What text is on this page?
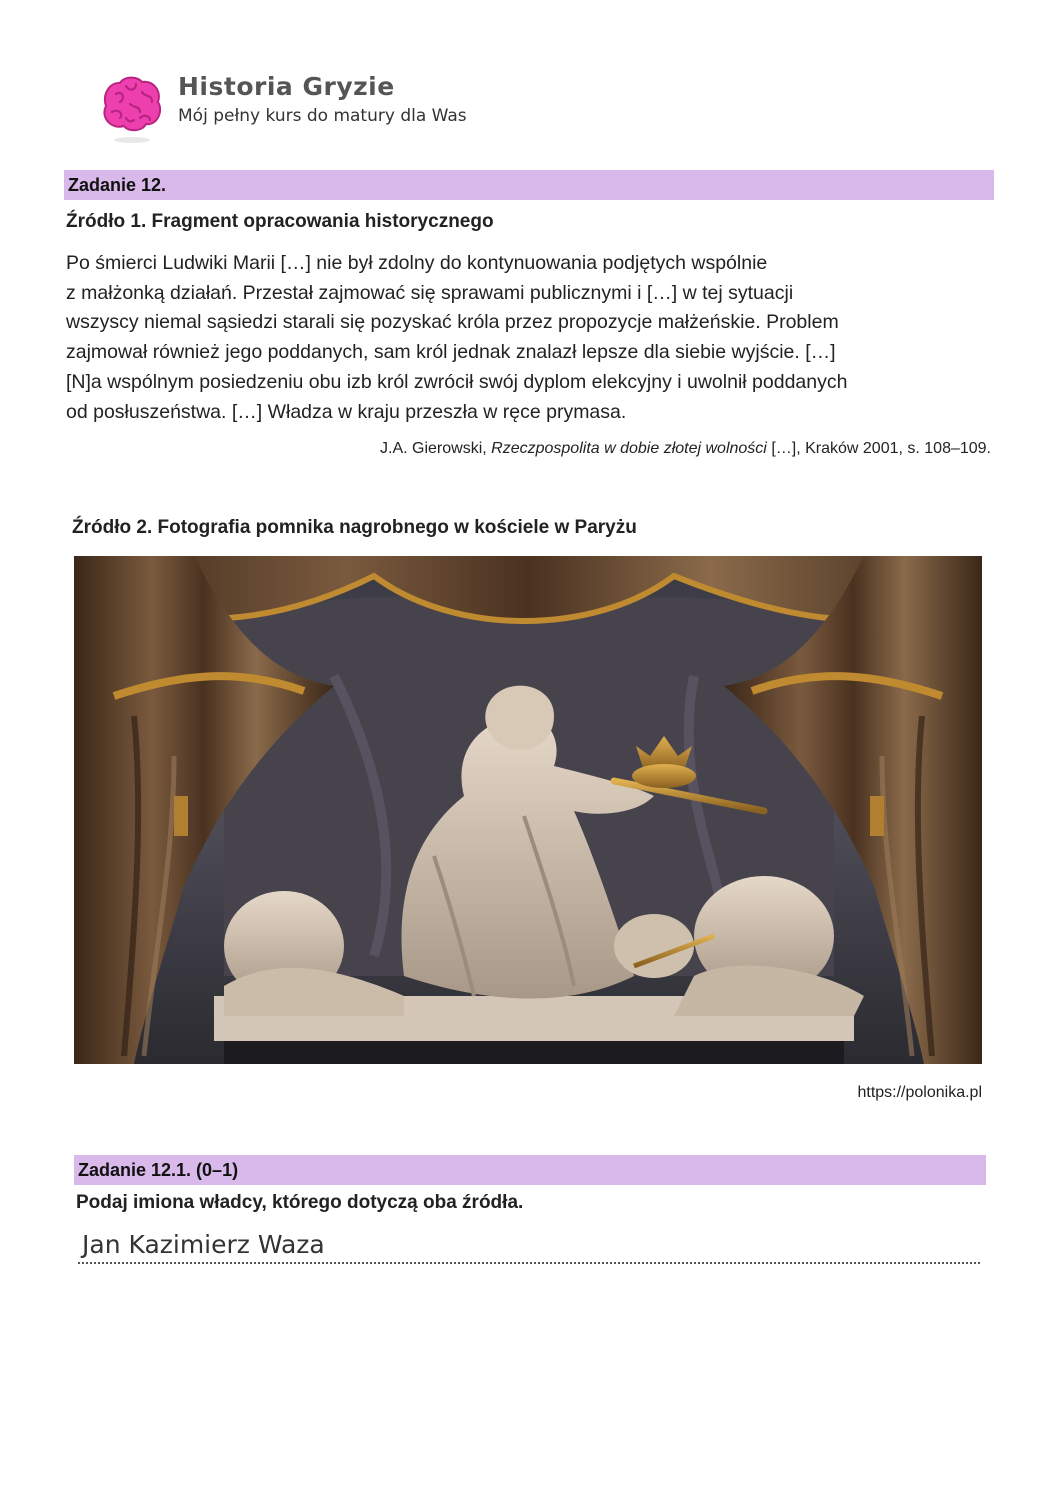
Historia Gryzie
Mój pełny kurs do matury dla Was
Zadanie 12.
Źródło 1. Fragment opracowania historycznego
Po śmierci Ludwiki Marii […] nie był zdolny do kontynuowania podjętych wspólnie
z małżonką działań. Przestał zajmować się sprawami publicznymi i […] w tej sytuacji
wszyscy niemal sąsiedzi starali się pozyskać króla przez propozycje małżeńskie. Problem
zajmował również jego poddanych, sam król jednak znalazł lepsze dla siebie wyjście. […]
[N]a wspólnym posiedzeniu obu izb król zwrócił swój dyplom elekcyjny i uwolnił poddanych
od posłuszeństwa. […] Władza w kraju przeszła w ręce prymasa.
J.A. Gierowski, Rzeczpospolita w dobie złotej wolności […], Kraków 2001, s. 108–109.
Źródło 2. Fotografia pomnika nagrobnego w kościele w Paryżu
https://polonika.pl
Zadanie 12.1. (0–1)
Podaj imiona władcy, którego dotyczą oba źródła.
Jan Kazimierz Waza
